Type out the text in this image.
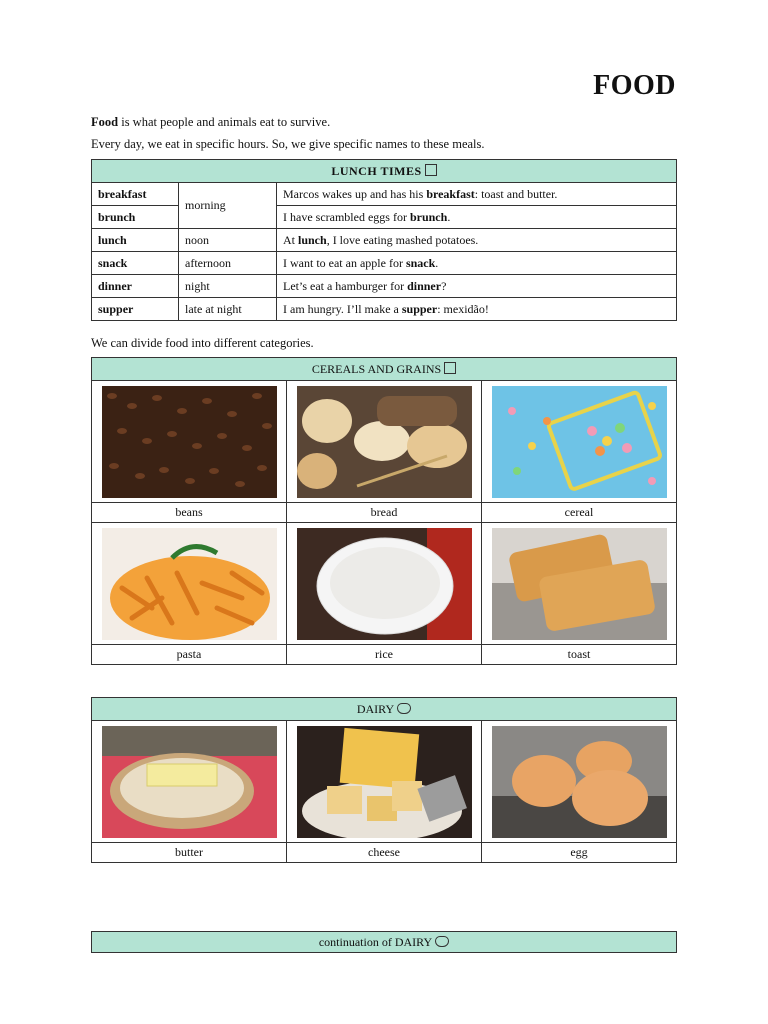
FOOD
Food is what people and animals eat to survive.
Every day, we eat in specific hours. So, we give specific names to these meals.
LUNCH TIMES		
breakfast	morning	Marcos wakes up and has his breakfast: toast and butter.
brunch		I have scrambled eggs for brunch.
lunch	noon	At lunch, I love eating mashed potatoes.
snack	afternoon	I want to eat an apple for snack.
dinner	night	Let’s eat a hamburger for dinner?
supper	late at night	I am hungry. I’ll make a supper: mexidão!
We can divide food into different categories.
CEREALS AND GRAINS		

beans	bread	cereal

pasta	rice	toast
DAIRY		

butter	cheese	egg
continuation of DAIRY
